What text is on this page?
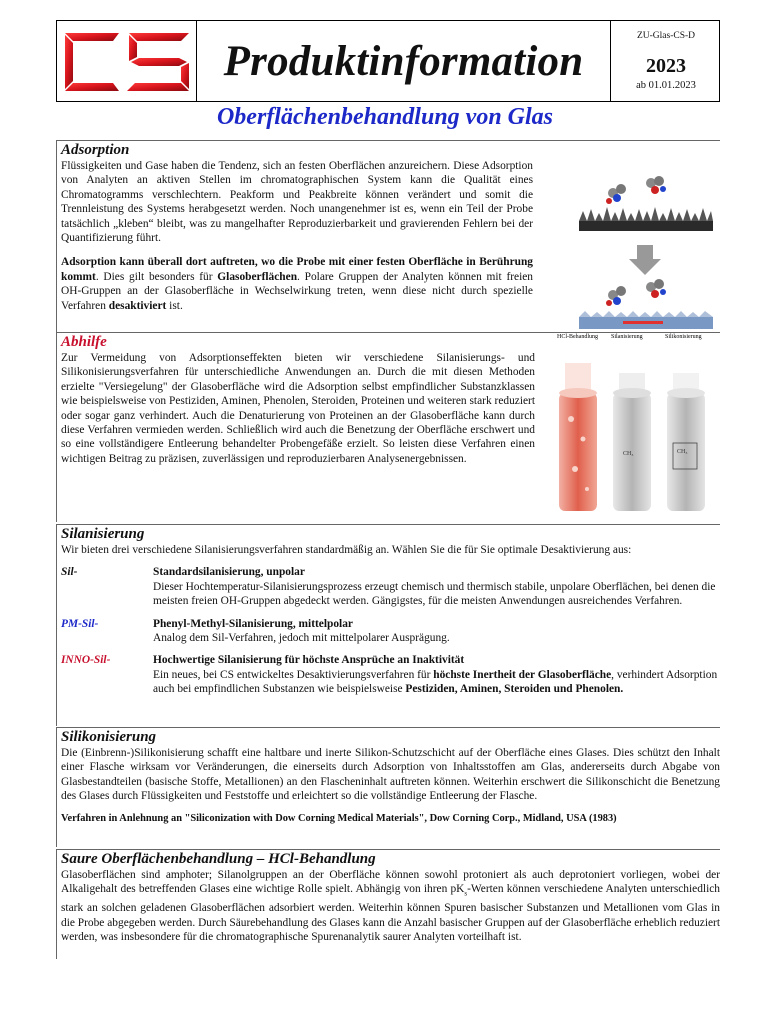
Produktinformation
ZU-Glas-CS-D
2023
ab 01.01.2023
Oberflächenbehandlung von Glas
Adsorption
Flüssigkeiten und Gase haben die Tendenz, sich an festen Oberflächen anzureichern. Diese Adsorption von Analyten an aktiven Stellen im chromatographischen System kann die Qualität eines Chromatogramms verschlechtern. Peakform und Peakbreite können verändert und somit die Trennleistung des Systems herabgesetzt werden. Noch unangenehmer ist es, wenn ein Teil der Probe tatsächlich „kleben“ bleibt, was zu mangelhafter Reproduzierbarkeit und gravierenden Fehlern bei der Quantifizierung führt.
Adsorption kann überall dort auftreten, wo die Probe mit einer festen Oberfläche in Berührung kommt. Dies gilt besonders für Glasoberflächen. Polare Gruppen der Analyten können mit freien OH-Gruppen an der Glasoberfläche in Wechselwirkung treten, wenn diese nicht durch spezielle Verfahren desaktiviert ist.
Abhilfe
Zur Vermeidung von Adsorptionseffekten bieten wir verschiedene Silanisierungs- und Silikonisierungsverfahren für unterschiedliche Anwendungen an. Durch die mit diesen Methoden erzielte "Versiegelung" der Glasoberfläche wird die Adsorption selbst empfindlicher Substanzklassen wie beispielsweise von Pestiziden, Aminen, Phenolen, Steroiden, Proteinen und weiteren stark reduziert oder sogar ganz verhindert. Auch die Denaturierung von Proteinen an der Glasoberfläche kann durch diese Verfahren vermieden werden. Schließlich wird auch die Benetzung der Oberfläche erschwert und so eine vollständigere Entleerung behandelter Probengefäße erzielt. So leisten diese Verfahren einen wichtigen Beitrag zu präzisen, zuverlässigen und reproduzierbaren Analysenergebnissen.
HCl-Behandlung Silanisierung	Silikonisierung
CH₃	CH₃
Silanisierung
Wir bieten drei verschiedene Silanisierungsverfahren standardmäßig an. Wählen Sie die für Sie optimale Desaktivierung aus:
Sil-	Standardsilanisierung, unpolar
Dieser Hochtemperatur-Silanisierungsprozess erzeugt chemisch und thermisch stabile, unpolare Oberflächen, bei denen die meisten freien OH-Gruppen abgedeckt werden. Gängigstes, für die meisten Anwendungen ausreichendes Verfahren.
PM-Sil-	Phenyl-Methyl-Silanisierung, mittelpolar
Analog dem Sil-Verfahren, jedoch mit mittelpolarer Ausprägung.
INNO-Sil-	Hochwertige Silanisierung für höchste Ansprüche an Inaktivität
Ein neues, bei CS entwickeltes Desaktivierungsverfahren für höchste Inertheit der Glasoberfläche, verhindert Adsorption auch bei empfindlichen Substanzen wie beispielsweise Pestiziden, Aminen, Steroiden und Phenolen.
Silikonisierung
Die (Einbrenn-)Silikonisierung schafft eine haltbare und inerte Silikon-Schutzschicht auf der Oberfläche eines Glases. Dies schützt den Inhalt einer Flasche wirksam vor Veränderungen, die einerseits durch Adsorption von Inhaltsstoffen am Glas, andererseits durch Abgabe von Glasbestandteilen (basische Stoffe, Metallionen) an den Flascheninhalt auftreten können. Weiterhin erschwert die Silikonschicht die Benetzung des Glases durch Flüssigkeiten und Feststoffe und erleichtert so die vollständige Entleerung der Flasche.
Verfahren in Anlehnung an "Siliconization with Dow Corning Medical Materials", Dow Corning Corp., Midland, USA (1983)
Saure Oberflächenbehandlung – HCl-Behandlung
Glasoberflächen sind amphoter; Silanolgruppen an der Oberfläche können sowohl protoniert als auch deprotoniert vorliegen, wobei der Alkaligehalt des betreffenden Glases eine wichtige Rolle spielt. Abhängig von ihren $pK_s$-Werten können verschiedene Analyten unterschiedlich stark an solchen geladenen Glasoberflächen adsorbiert werden. Weiterhin können Spuren basischer Substanzen und Metallionen vom Glas in die Probe abgegeben werden. Durch Säurebehandlung des Glases kann die Anzahl basischer Gruppen auf der Glasoberfläche erheblich reduziert werden, was insbesondere für die chromatographische Spurenanalytik saurer Analyten vorteilhaft ist.
